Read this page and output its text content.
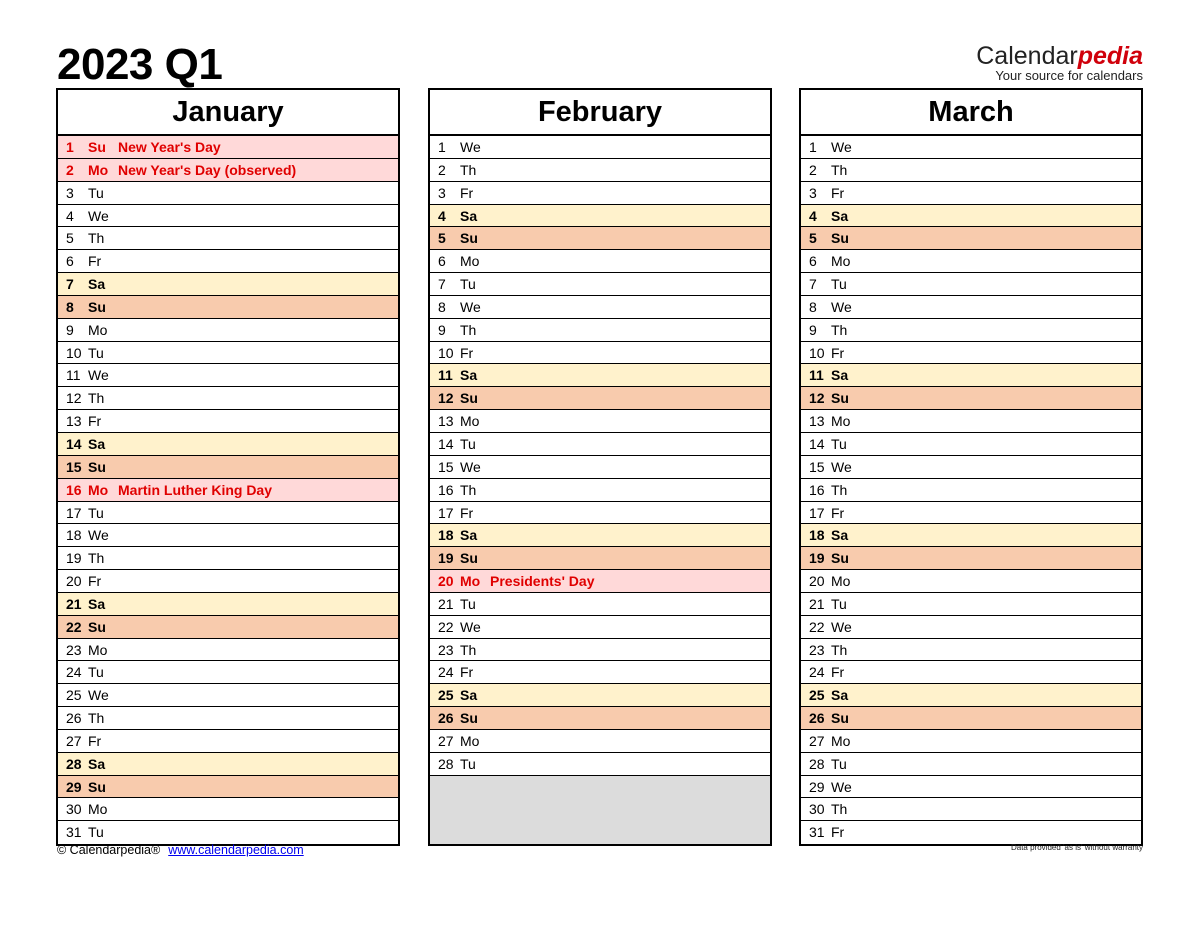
2023 Q1	Calendarpedia
Your source for calendars
January
1 Su New Year's Day
2 Mo New Year's Day (observed)
3 Tu
4 We
5 Th
6 Fr
7 Sa
8 Su
9 Mo
10 Tu
11 We
12 Th
13 Fr
14 Sa
15 Su
16 Mo Martin Luther King Day
17 Tu
18 We
19 Th
20 Fr
21 Sa
22 Su
23 Mo
24 Tu
25 We
26 Th
27 Fr
28 Sa
29 Su
30 Mo
31 Tu
February
1 We
2 Th
3 Fr
4 Sa
5 Su
6 Mo
7 Tu
8 We
9 Th
10 Fr
11 Sa
12 Su
13 Mo
14 Tu
15 We
16 Th
17 Fr
18 Sa
19 Su
20 Mo Presidents' Day
21 Tu
22 We
23 Th
24 Fr
25 Sa
26 Su
27 Mo
28 Tu
March
1 We
2 Th
3 Fr
4 Sa
5 Su
6 Mo
7 Tu
8 We
9 Th
10 Fr
11 Sa
12 Su
13 Mo
14 Tu
15 We
16 Th
17 Fr
18 Sa
19 Su
20 Mo
21 Tu
22 We
23 Th
24 Fr
25 Sa
26 Su
27 Mo
28 Tu
29 We
30 Th
31 Fr
© Calendarpedia® www.calendarpedia.com	Data provided 'as is' without warranty
